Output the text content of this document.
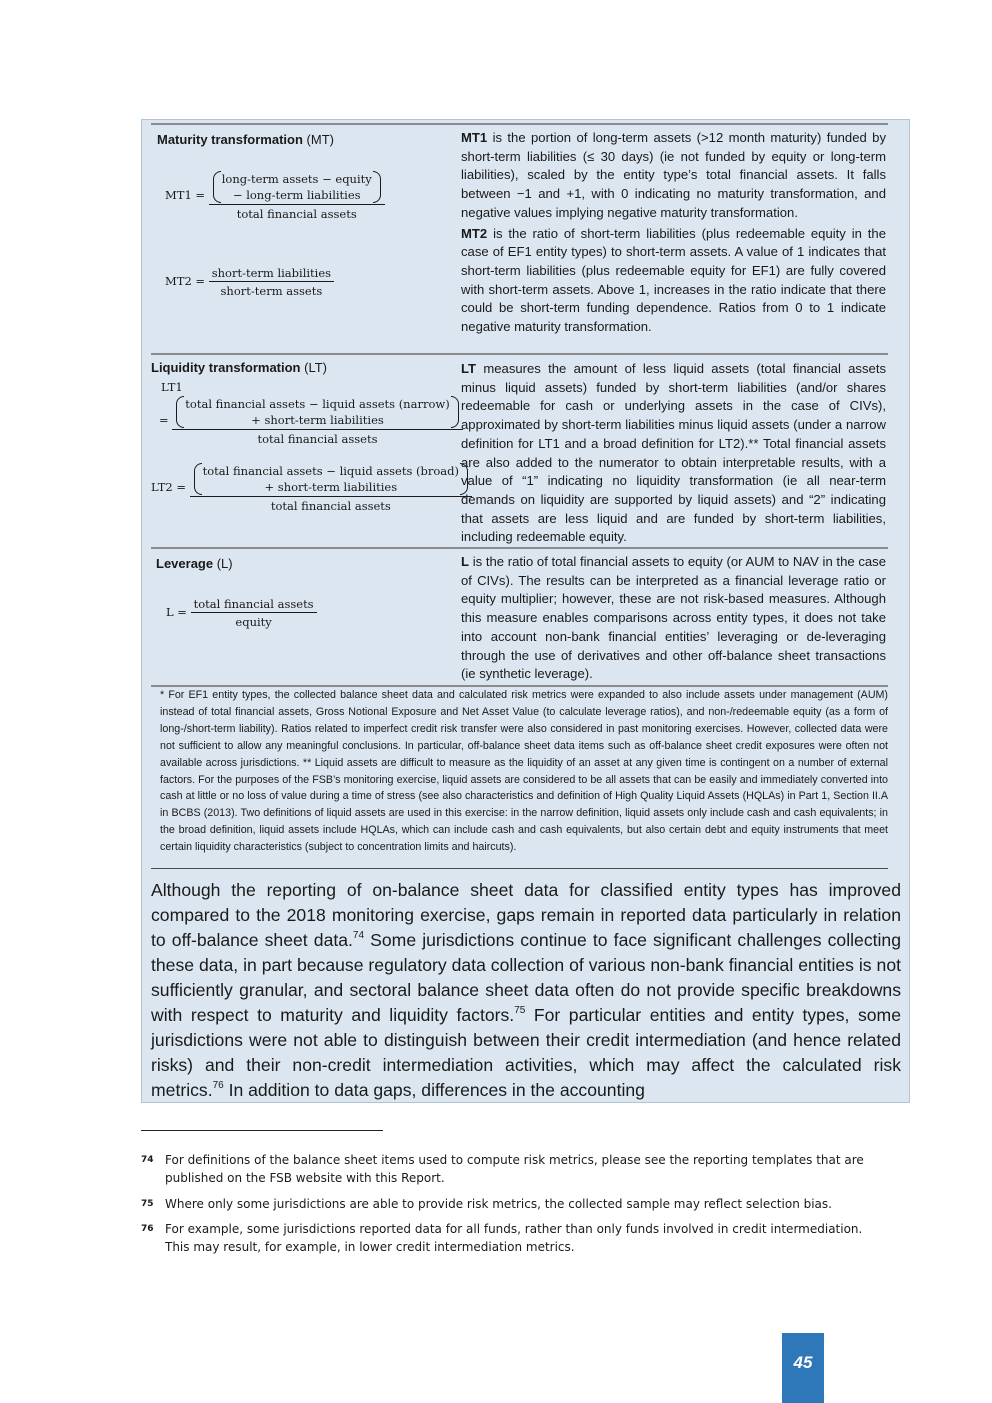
Maturity transformation (MT)
MT1 = long-term assets − equity
− long-term liabilities
total financial assets
$MT2 = \frac{\text{short-term liabilities}}{\text{short-term assets}}$

MT1 is the portion of long-term assets (>12 month maturity) funded by short-term liabilities (≤ 30 days) (ie not funded by equity or long-term liabilities), scaled by the entity type’s total financial assets. It falls between −1 and +1, with 0 indicating no maturity transformation, and negative values implying negative maturity transformation.

MT2 is the ratio of short-term liabilities (plus redeemable equity in the case of EF1 entity types) to short-term assets. A value of 1 indicates that short-term liabilities (plus redeemable equity for EF1) are fully covered with short-term assets. Above 1, increases in the ratio indicate that there could be short-term funding dependence. Ratios from 0 to 1 indicate negative maturity transformation.

Liquidity transformation (LT)
LT1
=
total financial assets − liquid assets (narrow)
+ short-term liabilities
total financial assets
LT2 =
total financial assets − liquid assets (broad)
+ short-term liabilities
total financial assets

LT measures the amount of less liquid assets (total financial assets minus liquid assets) funded by short-term liabilities (and/or shares redeemable for cash or underlying assets in the case of CIVs), approximated by short-term liabilities minus liquid assets (under a narrow definition for LT1 and a broad definition for LT2).** Total financial assets are also added to the numerator to obtain interpretable results, with a value of “1” indicating no liquidity transformation (ie all near-term demands on liquidity are supported by liquid assets) and “2” indicating that assets are less liquid and are funded by short-term liabilities, including redeemable equity.

Leverage (L)
$L = \frac{\text{total financial assets}}{\text{equity}}$

L is the ratio of total financial assets to equity (or AUM to NAV in the case of CIVs). The results can be interpreted as a financial leverage ratio or equity multiplier; however, these are not risk-based measures. Although this measure enables comparisons across entity types, it does not take into account non-bank financial entities’ leveraging or de-leveraging through the use of derivatives and other off-balance sheet transactions (ie synthetic leverage).

* For EF1 entity types, the collected balance sheet data and calculated risk metrics were expanded to also include assets under management (AUM) instead of total financial assets, Gross Notional Exposure and Net Asset Value (to calculate leverage ratios), and non-/redeemable equity (as a form of long-/short-term liability). Ratios related to imperfect credit risk transfer were also considered in past monitoring exercises. However, collected data were not sufficient to allow any meaningful conclusions. In particular, off-balance sheet data items such as off-balance sheet credit exposures were often not available across jurisdictions. ** Liquid assets are difficult to measure as the liquidity of an asset at any given time is contingent on a number of external factors. For the purposes of the FSB’s monitoring exercise, liquid assets are considered to be all assets that can be easily and immediately converted into cash at little or no loss of value during a time of stress (see also characteristics and definition of High Quality Liquid Assets (HQLAs) in Part 1, Section II.A in BCBS (2013). Two definitions of liquid assets are used in this exercise: in the narrow definition, liquid assets only include cash and cash equivalents; in the broad definition, liquid assets include HQLAs, which can include cash and cash equivalents, but also certain debt and equity instruments that meet certain liquidity characteristics (subject to concentration limits and haircuts).
Although the reporting of on-balance sheet data for classified entity types has improved compared to the 2018 monitoring exercise, gaps remain in reported data particularly in relation to off-balance sheet data.$^{74}$ Some jurisdictions continue to face significant challenges collecting these data, in part because regulatory data collection of various non-bank financial entities is not sufficiently granular, and sectoral balance sheet data often do not provide specific breakdowns with respect to maturity and liquidity factors.$^{75}$ For particular entities and entity types, some jurisdictions were not able to distinguish between their credit intermediation (and hence related risks) and their non-credit intermediation activities, which may affect the calculated risk metrics.$^{76}$ In addition to data gaps, differences in the accounting
74 For definitions of the balance sheet items used to compute risk metrics, please see the reporting templates that are published on the FSB website with this Report.
75 Where only some jurisdictions are able to provide risk metrics, the collected sample may reflect selection bias.
76 For example, some jurisdictions reported data for all funds, rather than only funds involved in credit intermediation. This may result, for example, in lower credit intermediation metrics.
45
